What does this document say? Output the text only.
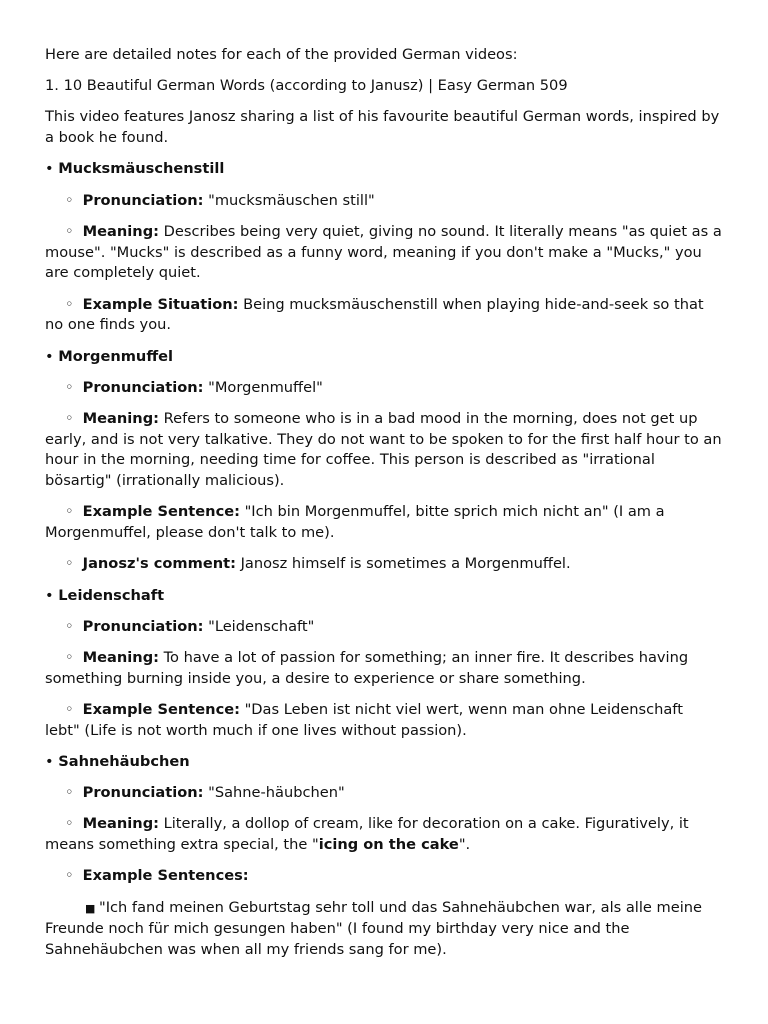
Here are detailed notes for each of the provided German videos:

1. 10 Beautiful German Words (according to Janusz) | Easy German 509

This video features Janosz sharing a list of his favourite beautiful German words, inspired by a book he found.

• Mucksmäuschenstill

◦ Pronunciation: "mucksmäuschen still"

◦ Meaning: Describes being very quiet, giving no sound. It literally means "as quiet as a mouse". "Mucks" is described as a funny word, meaning if you don't make a "Mucks," you are completely quiet.

◦ Example Situation: Being mucksmäuschenstill when playing hide-and-seek so that no one finds you.

• Morgenmuffel

◦ Pronunciation: "Morgenmuffel"

◦ Meaning: Refers to someone who is in a bad mood in the morning, does not get up early, and is not very talkative. They do not want to be spoken to for the first half hour to an hour in the morning, needing time for coffee. This person is described as "irrational bösartig" (irrationally malicious).

◦ Example Sentence: "Ich bin Morgenmuffel, bitte sprich mich nicht an" (I am a Morgenmuffel, please don't talk to me).

◦ Janosz's comment: Janosz himself is sometimes a Morgenmuffel.

• Leidenschaft

◦ Pronunciation: "Leidenschaft"

◦ Meaning: To have a lot of passion for something; an inner fire. It describes having something burning inside you, a desire to experience or share something.

◦ Example Sentence: "Das Leben ist nicht viel wert, wenn man ohne Leidenschaft lebt" (Life is not worth much if one lives without passion).

• Sahnehäubchen

◦ Pronunciation: "Sahne-häubchen"

◦ Meaning: Literally, a dollop of cream, like for decoration on a cake. Figuratively, it means something extra special, the "icing on the cake".

◦ Example Sentences:

■ "Ich fand meinen Geburtstag sehr toll und das Sahnehäubchen war, als alle meine Freunde noch für mich gesungen haben" (I found my birthday very nice and the Sahnehäubchen was when all my friends sang for me).
